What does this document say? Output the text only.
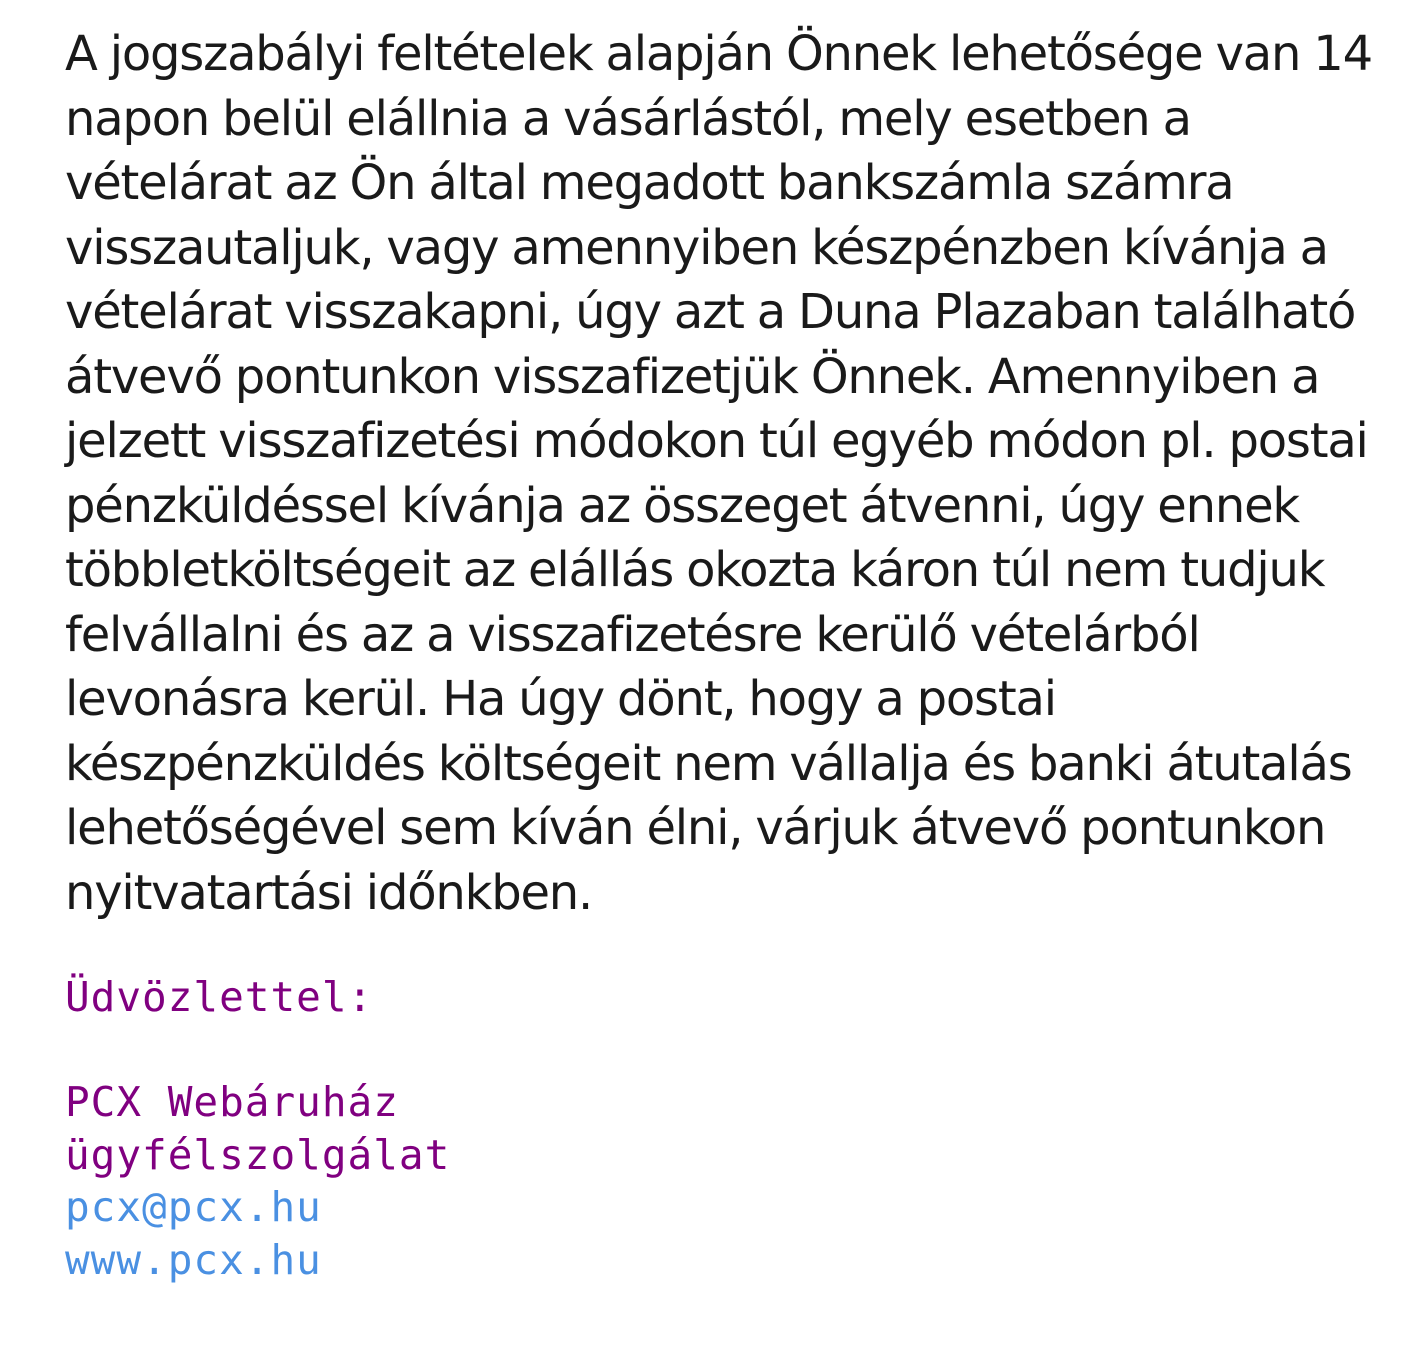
A jogszabályi feltételek alapján Önnek lehetősége van 14 napon belül elállnia a vásárlástól, mely esetben a vételárat az Ön által megadott bankszámla számra visszautaljuk, vagy amennyiben készpénzben kívánja a vételárat visszakapni, úgy azt a Duna Plazaban található átvevő pontunkon visszafizetjük Önnek. Amennyiben a jelzett visszafizetési módokon túl egyéb módon pl. postai pénzküldéssel kívánja az összeget átvenni, úgy ennek többletköltségeit az elállás okozta káron túl nem tudjuk felvállalni és az a visszafizetésre kerülő vételárból levonásra kerül. Ha úgy dönt, hogy a postai készpénzküldés költségeit nem vállalja és banki átutalás lehetőségével sem kíván élni, várjuk átvevő pontunkon nyitvatartási időnkben.

Üdvözlettel:
PCX Webáruház
ügyfélszolgálat
pcx@pcx.hu
www.pcx.hu
